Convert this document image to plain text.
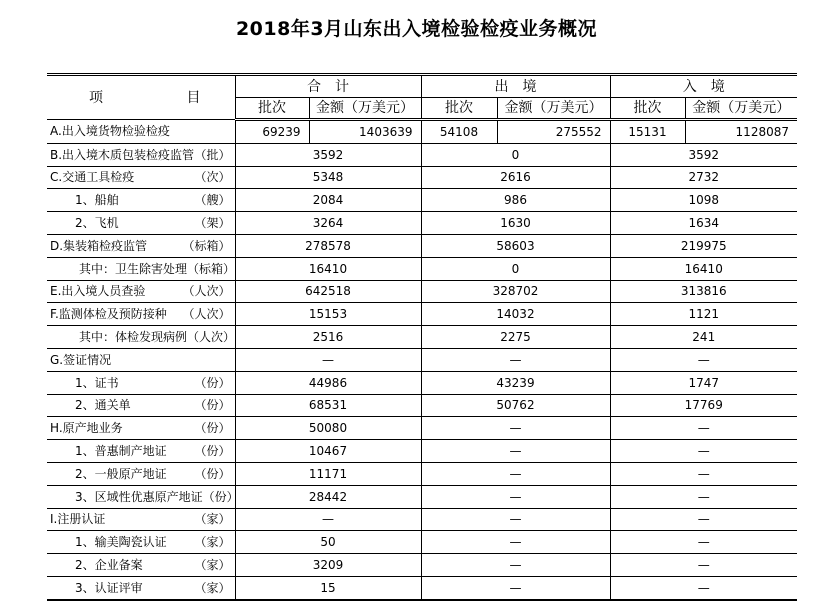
2018年3月山东出入境检验检疫业务概况
项 目	合　计		出　境		入　境	
	批次	金额（万美元）	批次	金额（万美元）	批次	金额（万美元）

A.出入境货物检验检疫	69239	1403639	54108	275552	15131	1128087

B.出入境木质包装检疫监管 （批）	3592		0		3592	

C.交通工具检疫 （次）	5348		2616		2732	

1、船舶 （艘）	2084		986		1098	

2、飞机 （架）	3264		1630		1634	

D.集装箱检疫监管 （标箱）	278578		58603		219975	

其中：卫生除害处理 （标箱）	16410		0		16410	

E.出入境人员查验 （人次）	642518		328702		313816	

F.监测体检及预防接种 （人次）	15153		14032		1121	

其中：体检发现病例 （人次）	2516		2275		241	

G.签证情况	—		—		—	

1、证书 （份）	44986		43239		1747	

2、通关单 （份）	68531		50762		17769	

H.原产地业务 （份）	50080		—		—	

1、普惠制产地证 （份）	10467		—		—	

2、一般原产地证 （份）	11171		—		—	

3、区域性优惠原产地证 （份）	28442		—		—	

I.注册认证 （家）	—		—		—	

1、输美陶瓷认证 （家）	50		—		—	

2、企业备案 （家）	3209		—		—	

3、认证评审 （家）	15		—		—	
